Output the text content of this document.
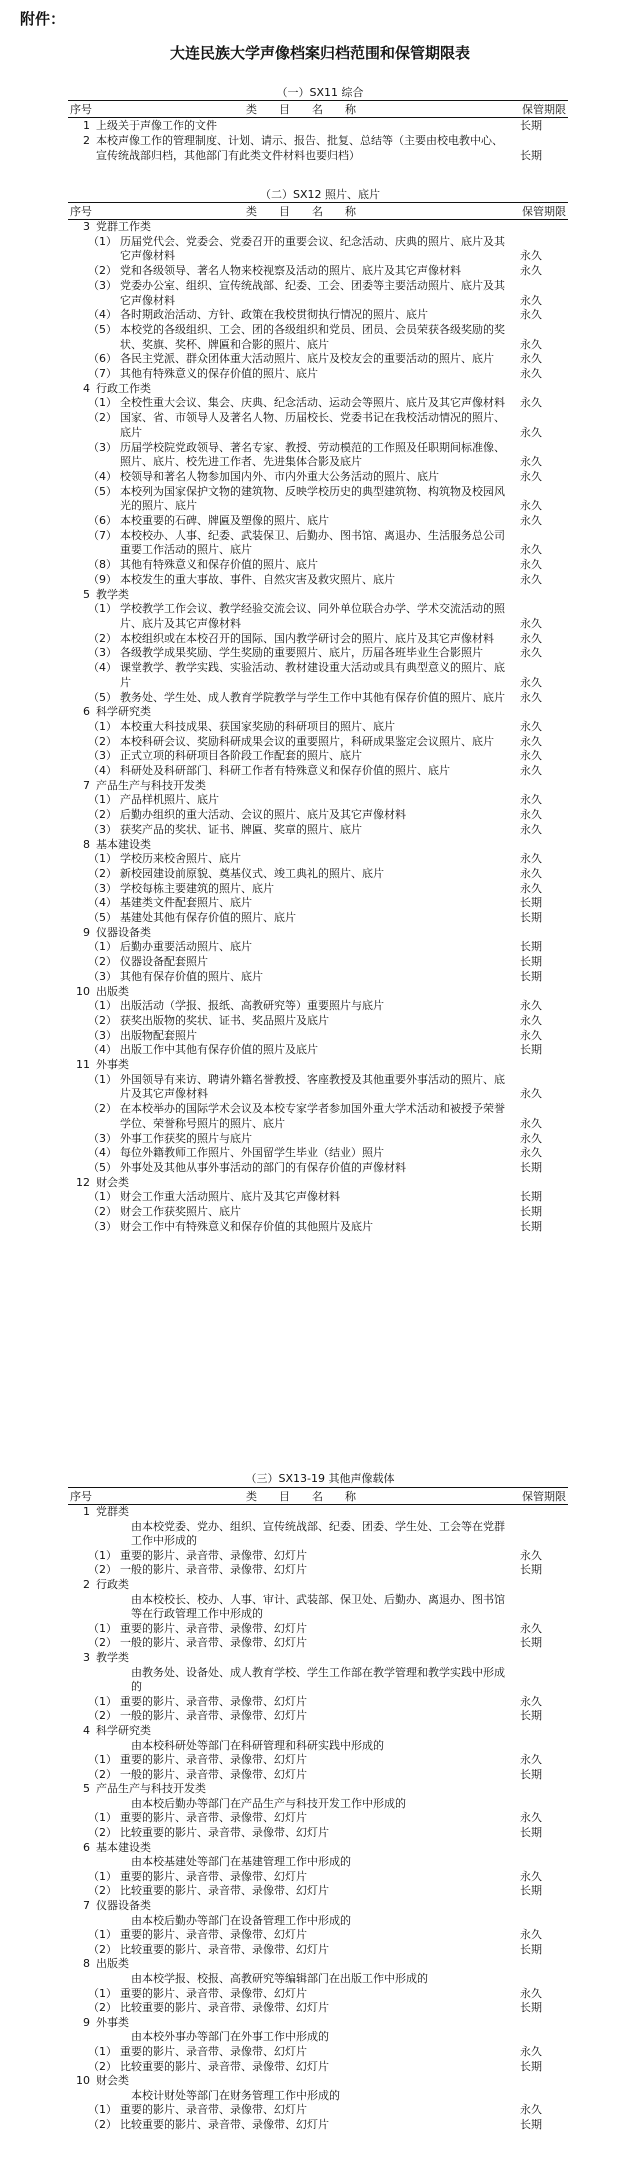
附件：
大连民族大学声像档案归档范围和保管期限表
（一）SX11 综合
序号	类目名称	保管期限
1 上级关于声像工作的文件	长期
2 本校声像工作的管理制度、计划、请示、报告、批复、总结等（主要由校电教中心、宣传统战部归档，其他部门有此类文件材料也要归档）	长期
（二）SX12 照片、底片
序号	类目名称	保管期限
3 党群工作类
（1） 历届党代会、党委会、党委召开的重要会议、纪念活动、庆典的照片、底片及其它声像材料	永久
（2） 党和各级领导、著名人物来校视察及活动的照片、底片及其它声像材料	永久
（3） 党委办公室、组织、宣传统战部、纪委、工会、团委等主要活动照片、底片及其它声像材料	永久
（4） 各时期政治活动、方针、政策在我校贯彻执行情况的照片、底片	永久
（5） 本校党的各级组织、工会、团的各级组织和党员、团员、会员荣获各级奖励的奖状、奖旗、奖杯、牌匾和合影的照片、底片	永久
（6） 各民主党派、群众团体重大活动照片、底片及校友会的重要活动的照片、底片	永久
（7） 其他有特殊意义的保存价值的照片、底片	永久
4 行政工作类
（1） 全校性重大会议、集会、庆典、纪念活动、运动会等照片、底片及其它声像材料	永久
（2） 国家、省、市领导人及著名人物、历届校长、党委书记在我校活动情况的照片、底片	永久
（3） 历届学校院党政领导、著名专家、教授、劳动模范的工作照及任职期间标准像、照片、底片、校先进工作者、先进集体合影及底片	永久
（4） 校领导和著名人物参加国内外、市内外重大公务活动的照片、底片	永久
（5） 本校列为国家保护文物的建筑物、反映学校历史的典型建筑物、构筑物及校园风光的照片、底片	永久
（6） 本校重要的石碑、牌匾及塑像的照片、底片	永久
（7） 本校校办、人事、纪委、武装保卫、后勤办、图书馆、离退办、生活服务总公司重要工作活动的照片、底片	永久
（8） 其他有特殊意义和保存价值的照片、底片	永久
（9） 本校发生的重大事故、事件、自然灾害及救灾照片、底片	永久
5 教学类
（1） 学校教学工作会议、教学经验交流会议、同外单位联合办学、学术交流活动的照片、底片及其它声像材料	永久
（2） 本校组织或在本校召开的国际、国内教学研讨会的照片、底片及其它声像材料	永久
（3） 各级教学成果奖励、学生奖励的重要照片、底片，历届各班毕业生合影照片	永久
（4） 课堂教学、教学实践、实验活动、教材建设重大活动或具有典型意义的照片、底片	永久
（5） 教务处、学生处、成人教育学院教学与学生工作中其他有保存价值的照片、底片	永久
6 科学研究类
（1） 本校重大科技成果、获国家奖励的科研项目的照片、底片	永久
（2） 本校科研会议、奖励科研成果会议的重要照片，科研成果鉴定会议照片、底片	永久
（3） 正式立项的科研项目各阶段工作配套的照片、底片	永久
（4） 科研处及科研部门、科研工作者有特殊意义和保存价值的照片、底片	永久
7 产品生产与科技开发类
（1） 产品样机照片、底片	永久
（2） 后勤办组织的重大活动、会议的照片、底片及其它声像材料	永久
（3） 获奖产品的奖状、证书、牌匾、奖章的照片、底片	永久
8 基本建设类
（1） 学校历来校舍照片、底片	永久
（2） 新校园建设前原貌、奠基仪式、竣工典礼的照片、底片	永久
（3） 学校每栋主要建筑的照片、底片	永久
（4） 基建类文件配套照片、底片	长期
（5） 基建处其他有保存价值的照片、底片	长期
9 仪器设备类
（1） 后勤办重要活动照片、底片	长期
（2） 仪器设备配套照片	长期
（3） 其他有保存价值的照片、底片	长期
10 出版类
（1） 出版活动（学报、报纸、高教研究等）重要照片与底片	永久
（2） 获奖出版物的奖状、证书、奖品照片及底片	永久
（3） 出版物配套照片	永久
（4） 出版工作中其他有保存价值的照片及底片	长期
11 外事类
（1） 外国领导有来访、聘请外籍名誉教授、客座教授及其他重要外事活动的照片、底片及其它声像材料	永久
（2） 在本校举办的国际学术会议及本校专家学者参加国外重大学术活动和被授予荣誉学位、荣誉称号照片的照片、底片	永久
（3） 外事工作获奖的照片与底片	永久
（4） 每位外籍教师工作照片、外国留学生毕业（结业）照片	永久
（5） 外事处及其他从事外事活动的部门的有保存价值的声像材料	长期
12 财会类
（1） 财会工作重大活动照片、底片及其它声像材料	长期
（2） 财会工作获奖照片、底片	长期
（3） 财会工作中有特殊意义和保存价值的其他照片及底片	长期
（三）SX13-19 其他声像载体
序号	类目名称	保管期限
1 党群类
由本校党委、党办、组织、宣传统战部、纪委、团委、学生处、工会等在党群工作中形成的
（1） 重要的影片、录音带、录像带、幻灯片	永久
（2） 一般的影片、录音带、录像带、幻灯片	长期
2 行政类
由本校校长、校办、人事、审计、武装部、保卫处、后勤办、离退办、图书馆等在行政管理工作中形成的
（1） 重要的影片、录音带、录像带、幻灯片	永久
（2） 一般的影片、录音带、录像带、幻灯片	长期
3 教学类
由教务处、设备处、成人教育学校、学生工作部在教学管理和教学实践中形成的
（1） 重要的影片、录音带、录像带、幻灯片	永久
（2） 一般的影片、录音带、录像带、幻灯片	长期
4 科学研究类
由本校科研处等部门在科研管理和科研实践中形成的
（1） 重要的影片、录音带、录像带、幻灯片	永久
（2） 一般的影片、录音带、录像带、幻灯片	长期
5 产品生产与科技开发类
由本校后勤办等部门在产品生产与科技开发工作中形成的
（1） 重要的影片、录音带、录像带、幻灯片	永久
（2） 比较重要的影片、录音带、录像带、幻灯片	长期
6 基本建设类
由本校基建处等部门在基建管理工作中形成的
（1） 重要的影片、录音带、录像带、幻灯片	永久
（2） 比较重要的影片、录音带、录像带、幻灯片	长期
7 仪器设备类
由本校后勤办等部门在设备管理工作中形成的
（1） 重要的影片、录音带、录像带、幻灯片	永久
（2） 比较重要的影片、录音带、录像带、幻灯片	长期
8 出版类
由本校学报、校报、高教研究等编辑部门在出版工作中形成的
（1） 重要的影片、录音带、录像带、幻灯片	永久
（2） 比较重要的影片、录音带、录像带、幻灯片	长期
9 外事类
由本校外事办等部门在外事工作中形成的
（1） 重要的影片、录音带、录像带、幻灯片	永久
（2） 比较重要的影片、录音带、录像带、幻灯片	长期
10 财会类
本校计财处等部门在财务管理工作中形成的
（1） 重要的影片、录音带、录像带、幻灯片	永久
（2） 比较重要的影片、录音带、录像带、幻灯片	长期
